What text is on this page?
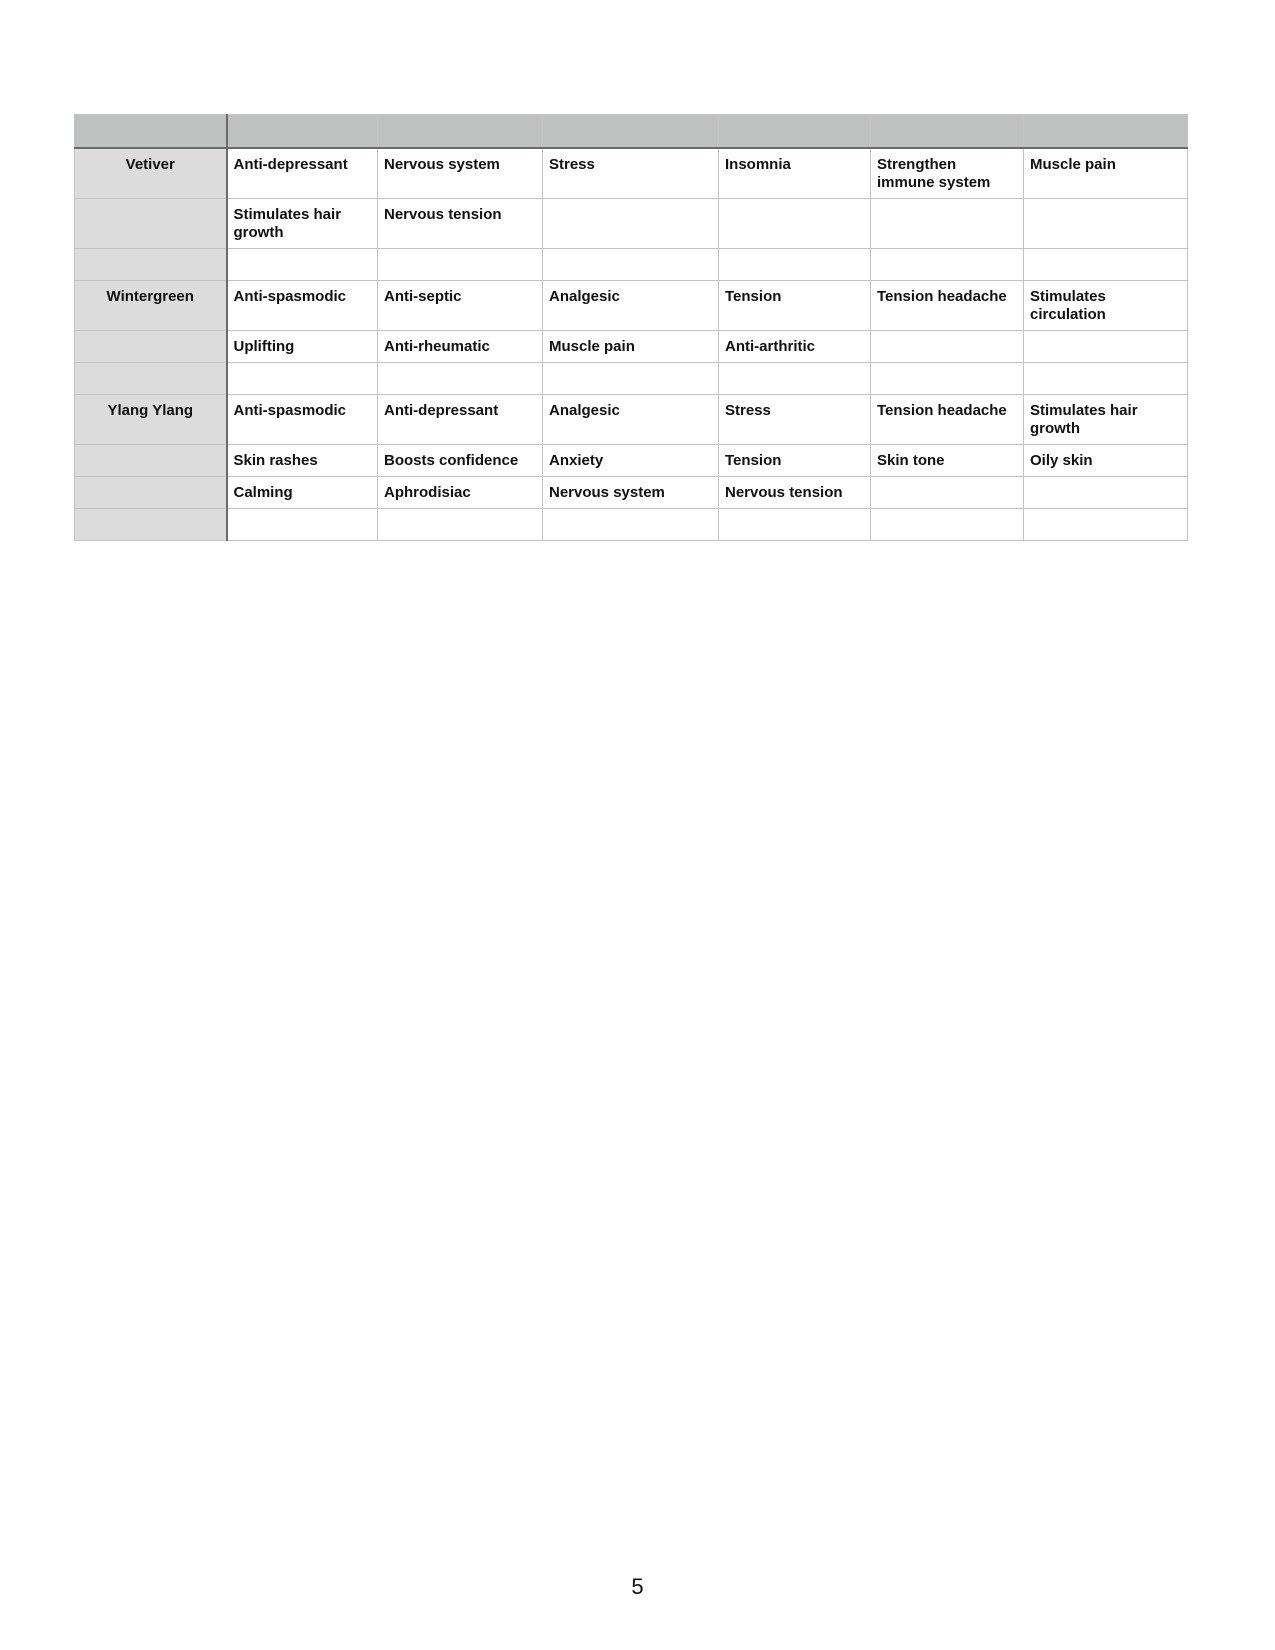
Vetiver	Anti-depressant	Nervous system	Stress	Insomnia	Strengthen immune system	Muscle pain
	Stimulates hair growth	Nervous tension				

Wintergreen	Anti-spasmodic	Anti-septic	Analgesic	Tension	Tension headache	Stimulates circulation
	Uplifting	Anti-rheumatic	Muscle pain	Anti-arthritic		

Ylang Ylang	Anti-spasmodic	Anti-depressant	Analgesic	Stress	Tension headache	Stimulates hair growth
	Skin rashes	Boosts confidence	Anxiety	Tension	Skin tone	Oily skin
	Calming	Aphrodisiac	Nervous system	Nervous tension		

5
